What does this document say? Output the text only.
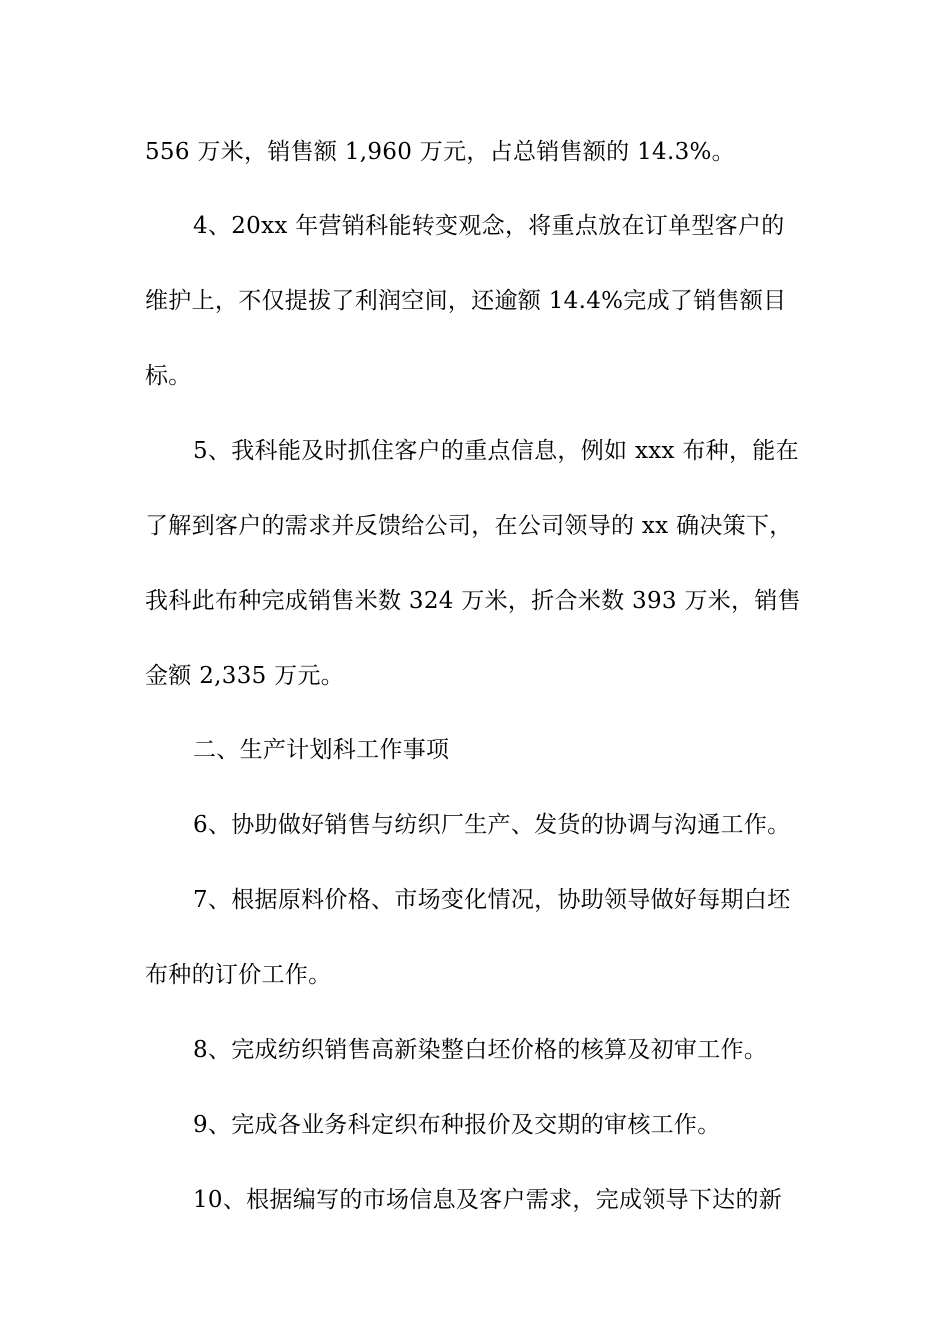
556 万米，销售额 1,960 万元，占总销售额的 14.3%。
4、20xx 年营销科能转变观念，将重点放在订单型客户的
维护上，不仅提拔了利润空间，还逾额 14.4%完成了销售额目
标。
5、我科能及时抓住客户的重点信息，例如 xxx 布种，能在
了解到客户的需求并反馈给公司，在公司领导的 xx 确决策下，
我科此布种完成销售米数 324 万米，折合米数 393 万米，销售
金额 2,335 万元。
二、生产计划科工作事项
6、协助做好销售与纺织厂生产、发货的协调与沟通工作。
7、根据原料价格、市场变化情况，协助领导做好每期白坯
布种的订价工作。
8、完成纺织销售高新染整白坯价格的核算及初审工作。
9、完成各业务科定织布种报价及交期的审核工作。
10、根据编写的市场信息及客户需求，完成领导下达的新
